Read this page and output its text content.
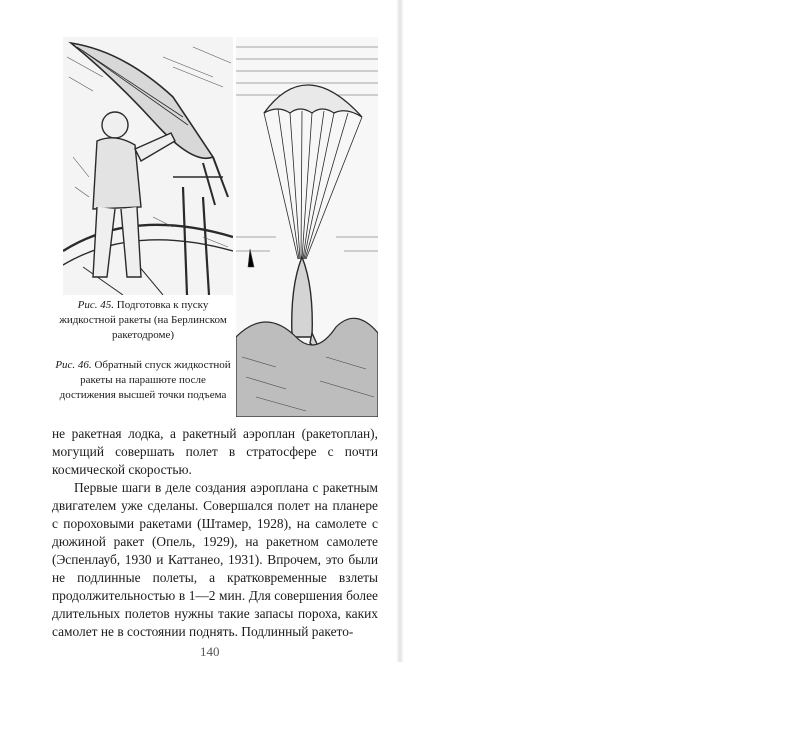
Рис. 45. Подготовка к пуску жидкостной ракеты (на Берлинском ракетодроме)
Рис. 46. Обратный спуск жидкостной ракеты на парашюте после достижения высшей точки подъема

не ракетная лодка, а ракетный аэроплан (ракетоплан), могущий совершать полет в стратосфере с почти космической скоростью.

Первые шаги в деле создания аэроплана с ракетным двигателем уже сделаны. Совершался полет на планере с пороховыми ракетами (Штамер, 1928), на самолете с дюжиной ракет (Опель, 1929), на ракетном самолете (Эспенлауб, 1930 и Каттанео, 1931). Впрочем, это были не подлинные полеты, а кратковременные взлеты продолжительностью в 1—2 мин. Для совершения более длительных полетов нужны такие запасы пороха, каких самолет не в состоянии поднять. Подлинный ракето-

140
